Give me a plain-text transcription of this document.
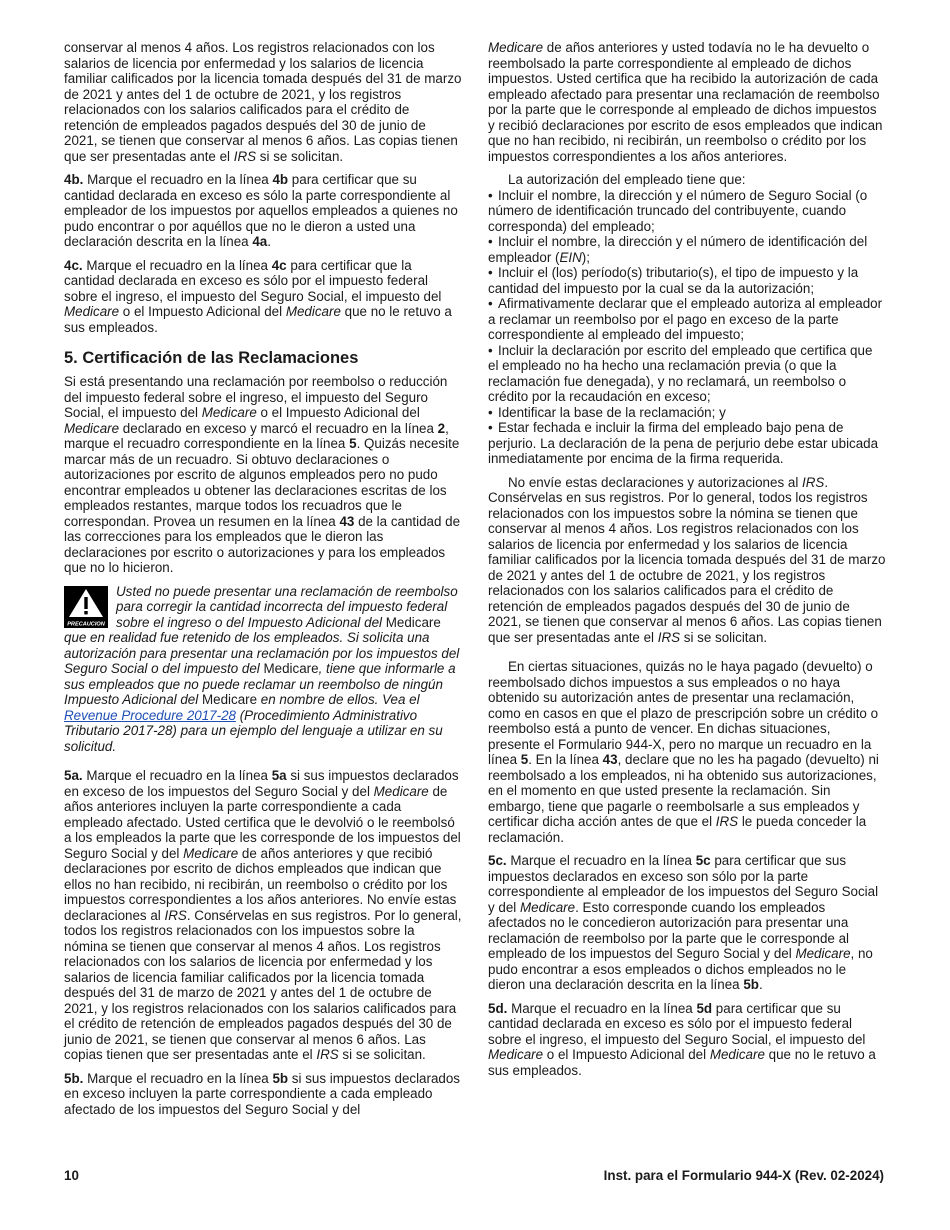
conservar al menos 4 años. Los registros relacionados con los salarios de licencia por enfermedad y los salarios de licencia familiar calificados por la licencia tomada después del 31 de marzo de 2021 y antes del 1 de octubre de 2021, y los registros relacionados con los salarios calificados para el crédito de retención de empleados pagados después del 30 de junio de 2021, se tienen que conservar al menos 6 años. Las copias tienen que ser presentadas ante el IRS si se solicitan.

4b. Marque el recuadro en la línea 4b para certificar que su cantidad declarada en exceso es sólo la parte correspondiente al empleador de los impuestos por aquellos empleados a quienes no pudo encontrar o por aquéllos que no le dieron a usted una declaración descrita en la línea 4a.

4c. Marque el recuadro en la línea 4c para certificar que la cantidad declarada en exceso es sólo por el impuesto federal sobre el ingreso, el impuesto del Seguro Social, el impuesto del Medicare o el Impuesto Adicional del Medicare que no le retuvo a sus empleados.

5. Certificación de las Reclamaciones

Si está presentando una reclamación por reembolso o reducción del impuesto federal sobre el ingreso, el impuesto del Seguro Social, el impuesto del Medicare o el Impuesto Adicional del Medicare declarado en exceso y marcó el recuadro en la línea 2, marque el recuadro correspondiente en la línea 5. Quizás necesite marcar más de un recuadro. Si obtuvo declaraciones o autorizaciones por escrito de algunos empleados pero no pudo encontrar empleados u obtener las declaraciones escritas de los empleados restantes, marque todos los recuadros que le correspondan. Provea un resumen en la línea 43 de la cantidad de las correcciones para los empleados que le dieron las declaraciones por escrito o autorizaciones y para los empleados que no lo hicieron.

PRECAUCION
Usted no puede presentar una reclamación de reembolso para corregir la cantidad incorrecta del impuesto federal sobre el ingreso o del Impuesto Adicional del Medicare que en realidad fue retenido de los empleados. Si solicita una autorización para presentar una reclamación por los impuestos del Seguro Social o del impuesto del Medicare, tiene que informarle a sus empleados que no puede reclamar un reembolso de ningún Impuesto Adicional del Medicare en nombre de ellos. Vea el Revenue Procedure 2017-28 (Procedimiento Administrativo Tributario 2017-28) para un ejemplo del lenguaje a utilizar en su solicitud.

5a. Marque el recuadro en la línea 5a si sus impuestos declarados en exceso de los impuestos del Seguro Social y del Medicare de años anteriores incluyen la parte correspondiente a cada empleado afectado. Usted certifica que le devolvió o le reembolsó a los empleados la parte que les corresponde de los impuestos del Seguro Social y del Medicare de años anteriores y que recibió declaraciones por escrito de dichos empleados que indican que ellos no han recibido, ni recibirán, un reembolso o crédito por los impuestos correspondientes a los años anteriores. No envíe estas declaraciones al IRS. Consérvelas en sus registros. Por lo general, todos los registros relacionados con los impuestos sobre la nómina se tienen que conservar al menos 4 años. Los registros relacionados con los salarios de licencia por enfermedad y los salarios de licencia familiar calificados por la licencia tomada después del 31 de marzo de 2021 y antes del 1 de octubre de 2021, y los registros relacionados con los salarios calificados para el crédito de retención de empleados pagados después del 30 de junio de 2021, se tienen que conservar al menos 6 años. Las copias tienen que ser presentadas ante el IRS si se solicitan.

5b. Marque el recuadro en la línea 5b si sus impuestos declarados en exceso incluyen la parte correspondiente a cada empleado afectado de los impuestos del Seguro Social y del

Medicare de años anteriores y usted todavía no le ha devuelto o reembolsado la parte correspondiente al empleado de dichos impuestos. Usted certifica que ha recibido la autorización de cada empleado afectado para presentar una reclamación de reembolso por la parte que le corresponde al empleado de dichos impuestos y recibió declaraciones por escrito de esos empleados que indican que no han recibido, ni recibirán, un reembolso o crédito por los impuestos correspondientes a los años anteriores.

La autorización del empleado tiene que:

• Incluir el nombre, la dirección y el número de Seguro Social (o número de identificación truncado del contribuyente, cuando corresponda) del empleado;
• Incluir el nombre, la dirección y el número de identificación del empleador (EIN);
• Incluir el (los) período(s) tributario(s), el tipo de impuesto y la cantidad del impuesto por la cual se da la autorización;
• Afirmativamente declarar que el empleado autoriza al empleador a reclamar un reembolso por el pago en exceso de la parte correspondiente al empleado del impuesto;
• Incluir la declaración por escrito del empleado que certifica que el empleado no ha hecho una reclamación previa (o que la reclamación fue denegada), y no reclamará, un reembolso o crédito por la recaudación en exceso;
• Identificar la base de la reclamación; y
• Estar fechada e incluir la firma del empleado bajo pena de perjurio. La declaración de la pena de perjurio debe estar ubicada inmediatamente por encima de la firma requerida.

No envíe estas declaraciones y autorizaciones al IRS. Consérvelas en sus registros. Por lo general, todos los registros relacionados con los impuestos sobre la nómina se tienen que conservar al menos 4 años. Los registros relacionados con los salarios de licencia por enfermedad y los salarios de licencia familiar calificados por la licencia tomada después del 31 de marzo de 2021 y antes del 1 de octubre de 2021, y los registros relacionados con los salarios calificados para el crédito de retención de empleados pagados después del 30 de junio de 2021, se tienen que conservar al menos 6 años. Las copias tienen que ser presentadas ante el IRS si se solicitan.

En ciertas situaciones, quizás no le haya pagado (devuelto) o reembolsado dichos impuestos a sus empleados o no haya obtenido su autorización antes de presentar una reclamación, como en casos en que el plazo de prescripción sobre un crédito o reembolso está a punto de vencer. En dichas situaciones, presente el Formulario 944-X, pero no marque un recuadro en la línea 5. En la línea 43, declare que no les ha pagado (devuelto) ni reembolsado a los empleados, ni ha obtenido sus autorizaciones, en el momento en que usted presente la reclamación. Sin embargo, tiene que pagarle o reembolsarle a sus empleados y certificar dicha acción antes de que el IRS le pueda conceder la reclamación.

5c. Marque el recuadro en la línea 5c para certificar que sus impuestos declarados en exceso son sólo por la parte correspondiente al empleador de los impuestos del Seguro Social y del Medicare. Esto corresponde cuando los empleados afectados no le concedieron autorización para presentar una reclamación de reembolso por la parte que le corresponde al empleado de los impuestos del Seguro Social y del Medicare, no pudo encontrar a esos empleados o dichos empleados no le dieron una declaración descrita en la línea 5b.

5d. Marque el recuadro en la línea 5d para certificar que su cantidad declarada en exceso es sólo por el impuesto federal sobre el ingreso, el impuesto del Seguro Social, el impuesto del Medicare o el Impuesto Adicional del Medicare que no le retuvo a sus empleados.

10	Inst. para el Formulario 944-X (Rev. 02-2024)
